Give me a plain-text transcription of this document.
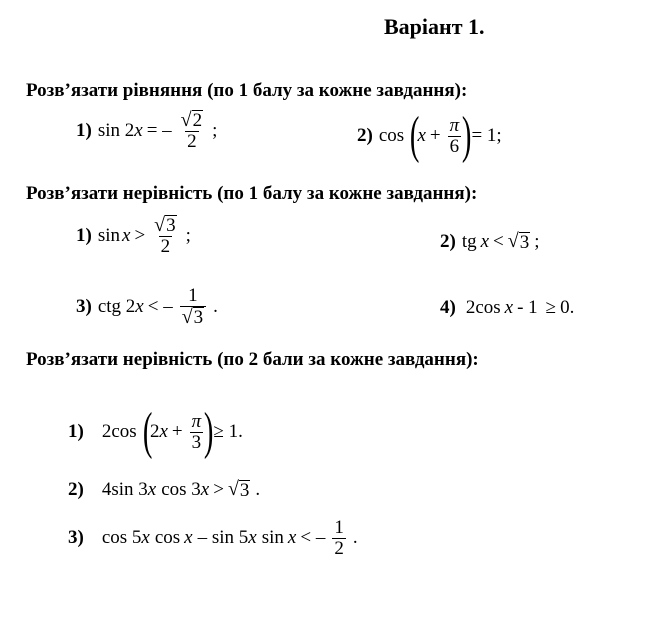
Варіант 1.
Розв’язати рівняння (по 1 балу за кожне завдання):
1) sin 2 x = – $\frac{√ 2}{2}$ ;	2) cos (
$x + \frac{\pi}{6}$ ) = 1;
Розв’язати нерівність (по 1 балу за кожне завдання):
1) $\sin x > \frac{√ 3}{2}$ ;	2) tg x < √ 3 ;
3) ctg 2 x < – $\frac{1}{√ 3}$ .	4) 2cos x - 1 ≥ 0.
Розв’язати нерівність (по 2 бали за кожне завдання):
1) 2cos (
2 $x + \frac{\pi}{3}$ ) ≥ 1.
2) 4sin 3 x cos 3 x > √ 3 .
3) cos 5 x cos x – sin 5 x sin x < – $\frac{1}{2}$ .
